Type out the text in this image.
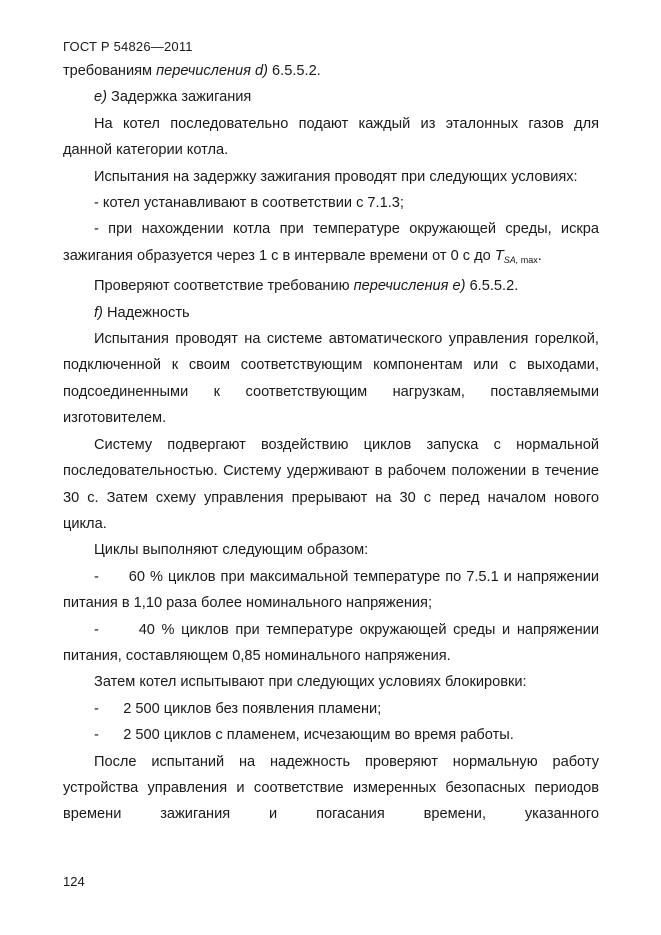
ГОСТ Р 54826—2011

требованиям перечисления d) 6.5.5.2.

e) Задержка зажигания

На котел последовательно подают каждый из эталонных газов для данной категории котла.

Испытания на задержку зажигания проводят при следующих условиях:

- котел устанавливают в соответствии с 7.1.3;

- при нахождении котла при температуре окружающей среды, искра зажигания образуется через 1 с в интервале времени от 0 с до $T_{SA, max}$.

Проверяют соответствие требованию перечисления e) 6.5.5.2.

f) Надежность

Испытания проводят на системе автоматического управления горелкой, подключенной к своим соответствующим компонентам или с выходами, подсоединенными к соответствующим нагрузкам, поставляемыми изготовителем.

Систему подвергают воздействию циклов запуска с нормальной последовательностью. Систему удерживают в рабочем положении в течение 30 с. Затем схему управления прерывают на 30 с перед началом нового цикла.

Циклы выполняют следующим образом:

-      60 % циклов при максимальной температуре по 7.5.1 и напряжении питания в 1,10 раза более номинального напряжения;

-      40 % циклов при температуре окружающей среды и напряжении питания, составляющем 0,85 номинального напряжения.

Затем котел испытывают при следующих условиях блокировки:

-      2 500 циклов без появления пламени;

-      2 500 циклов с пламенем, исчезающим во время работы.

После испытаний на надежность проверяют нормальную работу устройства управления и соответствие измеренных безопасных периодов времени зажигания и погасания времени, указанного

124
